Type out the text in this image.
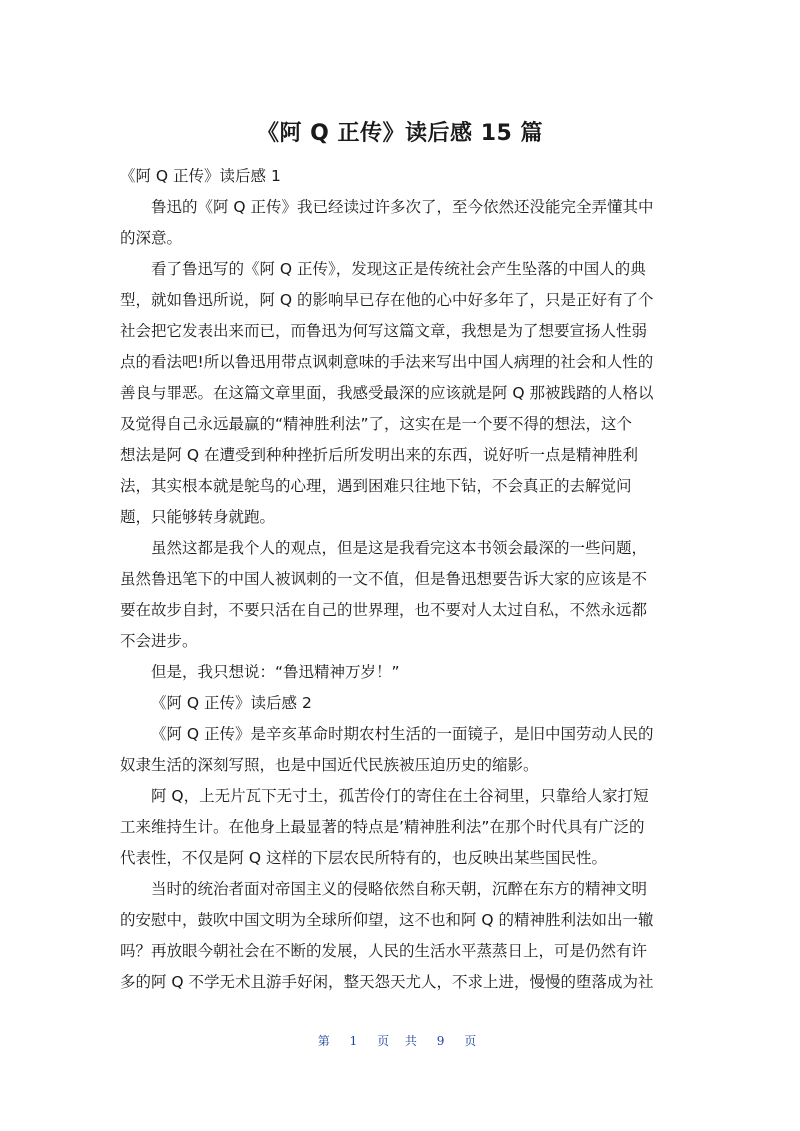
《阿 Q 正传》读后感 15 篇
《阿 Q 正传》读后感 1
鲁迅的《阿 Q 正传》我已经读过许多次了，至今依然还没能完全弄懂其中
的深意。
看了鲁迅写的《阿 Q 正传》，发现这正是传统社会产生坠落的中国人的典
型，就如鲁迅所说，阿 Q 的影响早已存在他的心中好多年了，只是正好有了个
社会把它发表出来而已，而鲁迅为何写这篇文章，我想是为了想要宣扬人性弱
点的看法吧!所以鲁迅用带点讽刺意味的手法来写出中国人病理的社会和人性的
善良与罪恶。在这篇文章里面，我感受最深的应该就是阿 Q 那被践踏的人格以
及觉得自己永远最赢的“精神胜利法”了，这实在是一个要不得的想法，这个
想法是阿 Q 在遭受到种种挫折后所发明出来的东西，说好听一点是精神胜利
法，其实根本就是鸵鸟的心理，遇到困难只往地下钻，不会真正的去解觉问
题，只能够转身就跑。
虽然这都是我个人的观点，但是这是我看完这本书领会最深的一些问题，
虽然鲁迅笔下的中国人被讽刺的一文不值，但是鲁迅想要告诉大家的应该是不
要在故步自封，不要只活在自己的世界理，也不要对人太过自私，不然永远都
不会进步。
但是，我只想说：“鲁迅精神万岁！”
《阿 Q 正传》读后感 2
《阿 Q 正传》是辛亥革命时期农村生活的一面镜子，是旧中国劳动人民的
奴隶生活的深刻写照，也是中国近代民族被压迫历史的缩影。
阿 Q，上无片瓦下无寸土，孤苦伶仃的寄住在土谷祠里，只靠给人家打短
工来维持生计。在他身上最显著的特点是’精神胜利法”在那个时代具有广泛的
代表性，不仅是阿 Q 这样的下层农民所特有的，也反映出某些国民性。
当时的统治者面对帝国主义的侵略依然自称天朝，沉醉在东方的精神文明
的安慰中，鼓吹中国文明为全球所仰望，这不也和阿 Q 的精神胜利法如出一辙
吗？再放眼今朝社会在不断的发展，人民的生活水平蒸蒸日上，可是仍然有许
多的阿 Q 不学无术且游手好闲，整天怨天尤人，不求上进，慢慢的堕落成为社
第 1 页 共 9 页
